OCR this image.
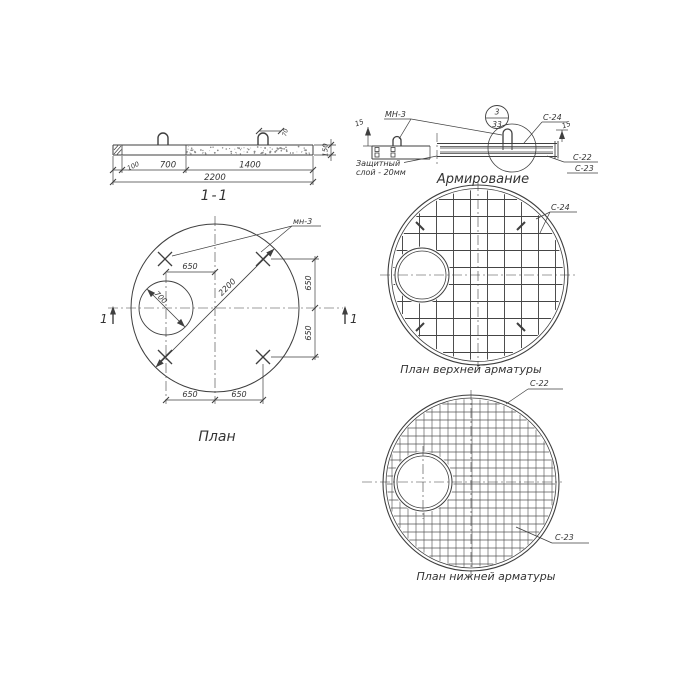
100 700	1400
2200
150
70
1-1
3
33
МН-3
15	15
С-24
С-22
С-23
Защитный
слой - 20мм Армирование
2200
700
мн-3
650
650
650
650	650
1	1
План
С-24
План верхней арматуры
С-22
С-23
План нижней арматуры
